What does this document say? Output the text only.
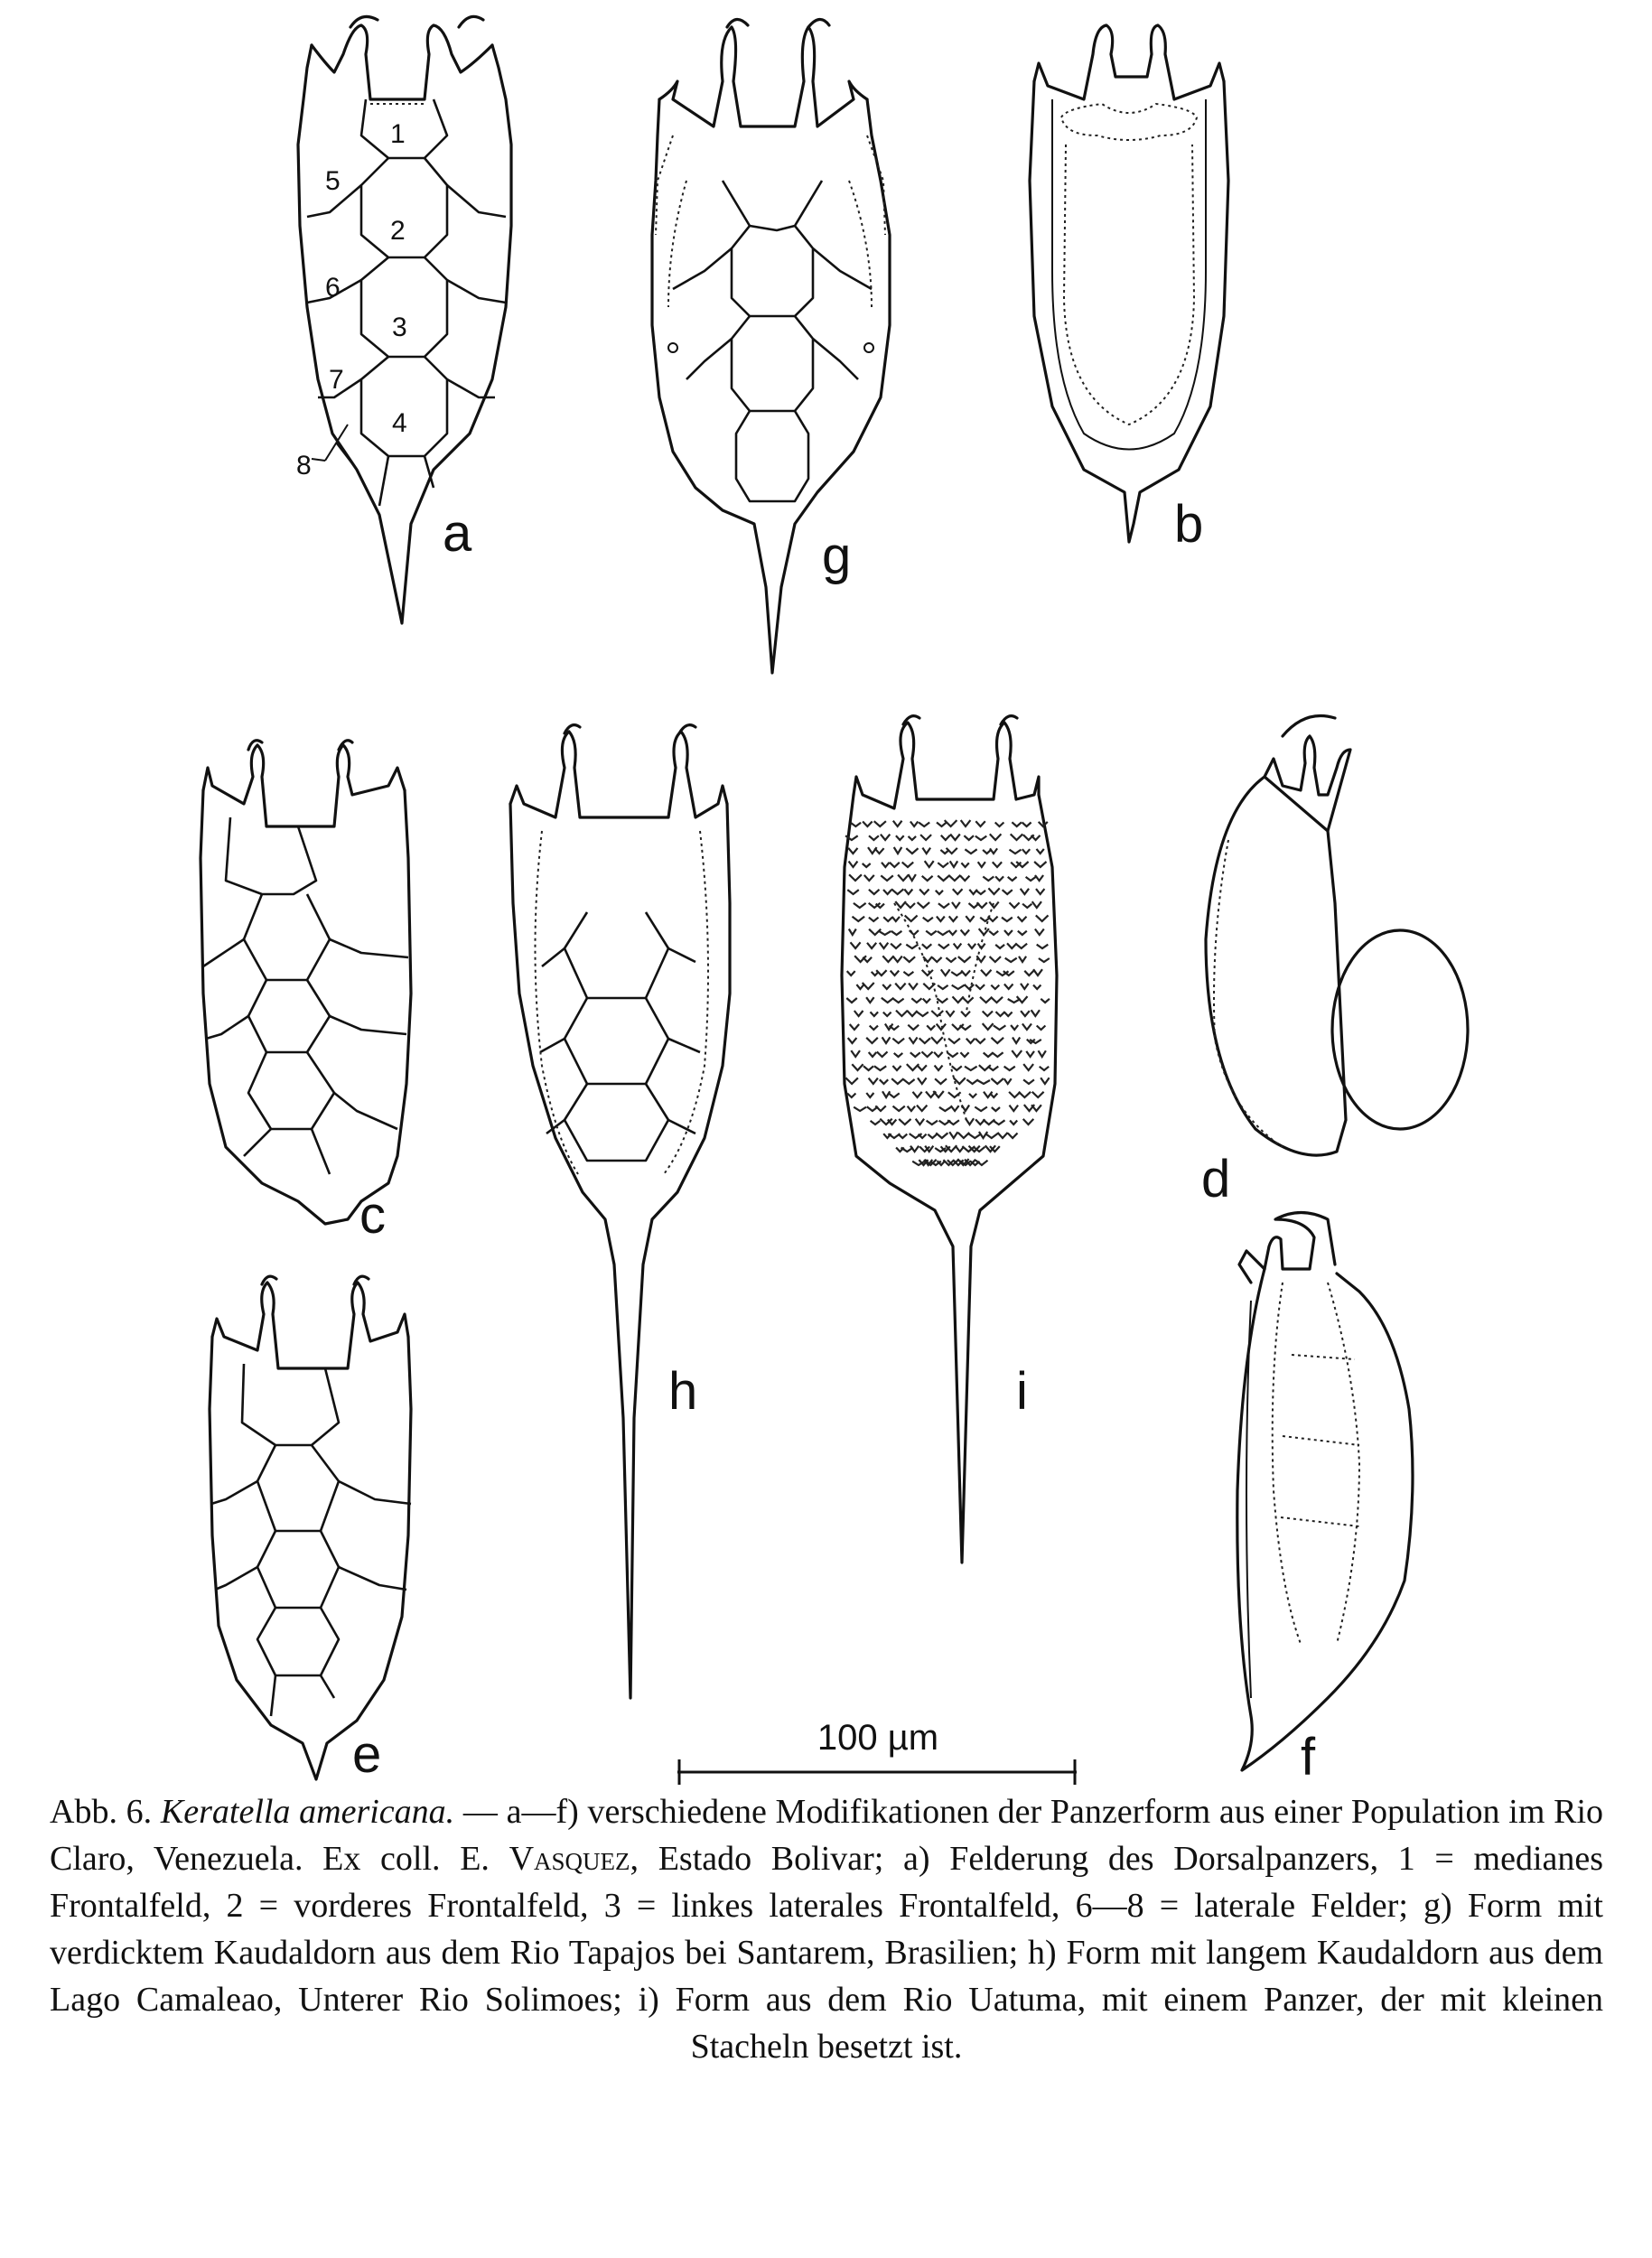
1
2
3
4
5
6
7
8
a	g
b
c
h	i
d
e	f
100 µm
Abb. 6. Keratella americana. — a—f) verschiedene Modifikationen der Panzerform aus einer Population im Rio Claro, Venezuela. Ex coll. E. Vasquez, Estado Bolivar; a) Felderung des Dorsalpanzers, 1 = medianes Frontalfeld, 2 = vorderes Frontalfeld, 3 = linkes laterales Frontalfeld, 6—8 = laterale Felder; g) Form mit verdicktem Kaudaldorn aus dem Rio Tapajos bei Santarem, Brasilien; h) Form mit langem Kaudaldorn aus dem Lago Camaleao, Unterer Rio Solimoes; i) Form aus dem Rio Uatuma, mit einem Panzer, der mit kleinen Stacheln besetzt ist.
